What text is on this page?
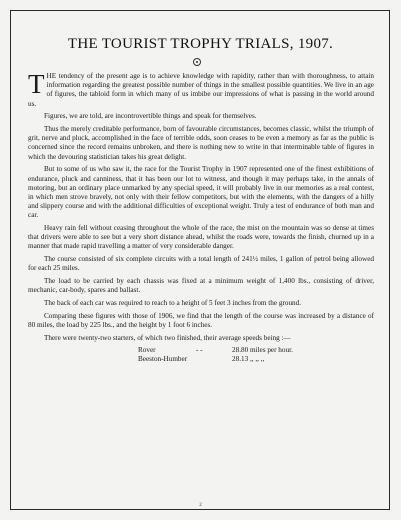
THE TOURIST TROPHY TRIALS, 1907.

THE tendency of the present age is to achieve knowledge with rapidity, rather than with thoroughness, to attain information regarding the greatest possible number of things in the smallest possible quantities. We live in an age of figures, the tabloid form in which many of us imbibe our impressions of what is passing in the world around us.

Figures, we are told, are incontrovertible things and speak for themselves.

Thus the merely creditable performance, born of favourable circumstances, becomes classic, whilst the triumph of grit, nerve and pluck, accomplished in the face of terrible odds, soon ceases to be even a memory as far as the public is concerned since the record remains unbroken, and there is nothing new to write in that interminable table of figures in which the devouring statistician takes his great delight.

But to some of us who saw it, the race for the Tourist Trophy in 1907 represented one of the finest exhibitions of endurance, pluck and canniness, that it has been our lot to witness, and though it may perhaps take, in the annals of motoring, but an ordinary place unmarked by any special speed, it will probably live in our memories as a real contest, in which men strove bravely, not only with their fellow competitors, but with the elements, with the dangers of a hilly and slippery course and with the additional difficulties of exceptional weight. Truly a test of endurance of both man and car.

Heavy rain fell without ceasing throughout the whole of the race, the mist on the mountain was so dense at times that drivers were able to see but a very short distance ahead, whilst the roads were, towards the finish, churned up in a manner that made rapid travelling a matter of very considerable danger.

The course consisted of six complete circuits with a total length of 241½ miles, 1 gallon of petrol being allowed for each 25 miles.

The load to be carried by each chassis was fixed at a minimum weight of 1,400 lbs., consisting of driver, mechanic, car-body, spares and ballast.

The back of each car was required to reach to a height of 5 feet 3 inches from the ground.

Comparing these figures with those of 1906, we find that the length of the course was increased by a distance of 80 miles, the load by 225 lbs., and the height by 1 foot 6 inches.

There were twenty-two starters, of which two finished, their average speeds being :—

Rover	- -	28.80 miles per hour.
Beeston-Humber	28.13 ,, ,, ,,
2
